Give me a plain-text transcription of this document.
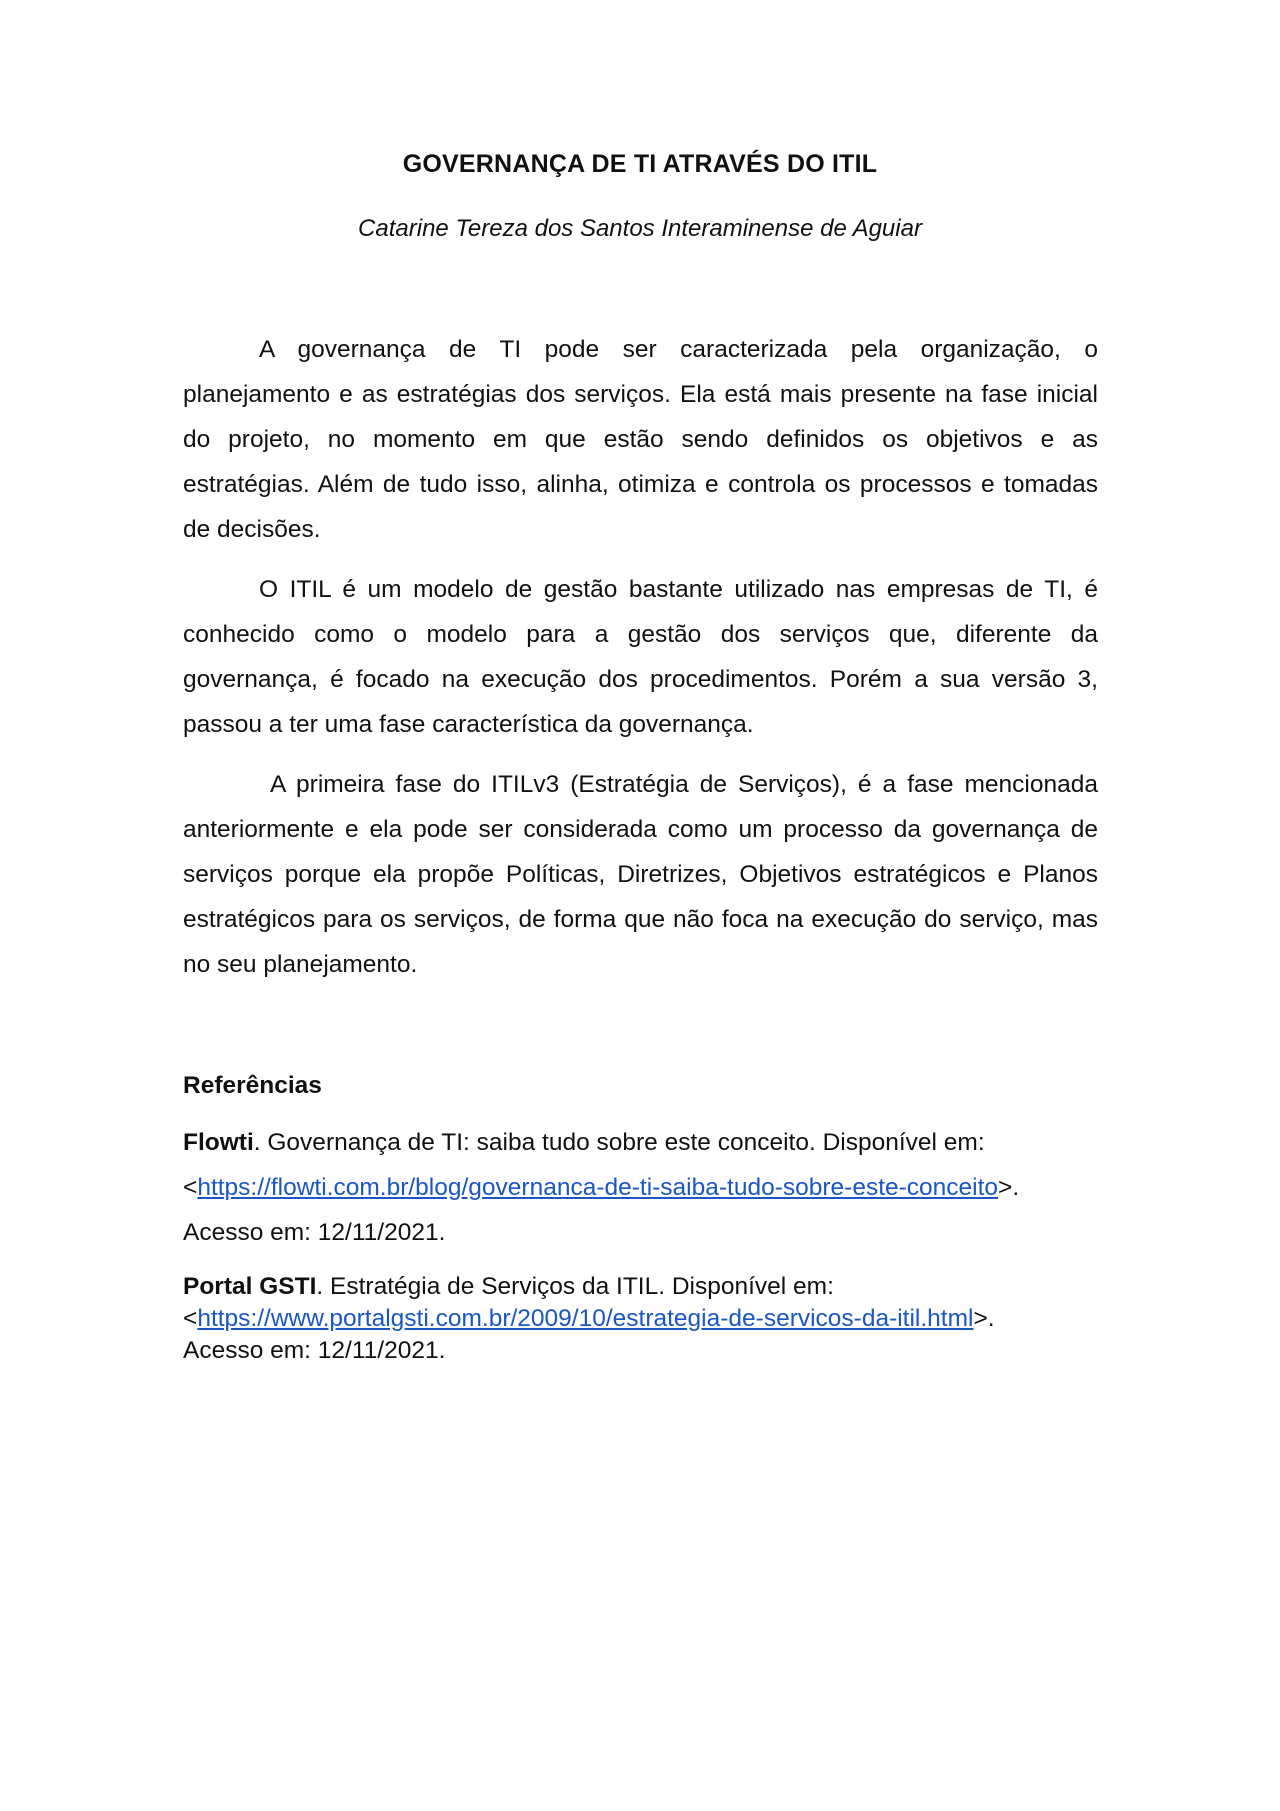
GOVERNANÇA DE TI ATRAVÉS DO ITIL
Catarine Tereza dos Santos Interaminense de Aguiar

A governança de TI pode ser caracterizada pela organização, o planejamento e as estratégias dos serviços. Ela está mais presente na fase inicial do projeto, no momento em que estão sendo definidos os objetivos e as estratégias. Além de tudo isso, alinha, otimiza e controla os processos e tomadas de decisões.

O ITIL é um modelo de gestão bastante utilizado nas empresas de TI, é conhecido como o modelo para a gestão dos serviços que, diferente da governança, é focado na execução dos procedimentos. Porém a sua versão 3, passou a ter uma fase característica da governança.

A primeira fase do ITILv3 (Estratégia de Serviços), é a fase mencionada anteriormente e ela pode ser considerada como um processo da governança de serviços porque ela propõe Políticas, Diretrizes, Objetivos estratégicos e Planos estratégicos para os serviços, de forma que não foca na execução do serviço, mas no seu planejamento.

Referências
Flowti. Governança de TI: saiba tudo sobre este conceito. Disponível em:
<https://flowti.com.br/blog/governanca-de-ti-saiba-tudo-sobre-este-conceito>.
Acesso em: 12/11/2021.
Portal GSTI. Estratégia de Serviços da ITIL. Disponível em:
<https://www.portalgsti.com.br/2009/10/estrategia-de-servicos-da-itil.html>.
Acesso em: 12/11/2021.
